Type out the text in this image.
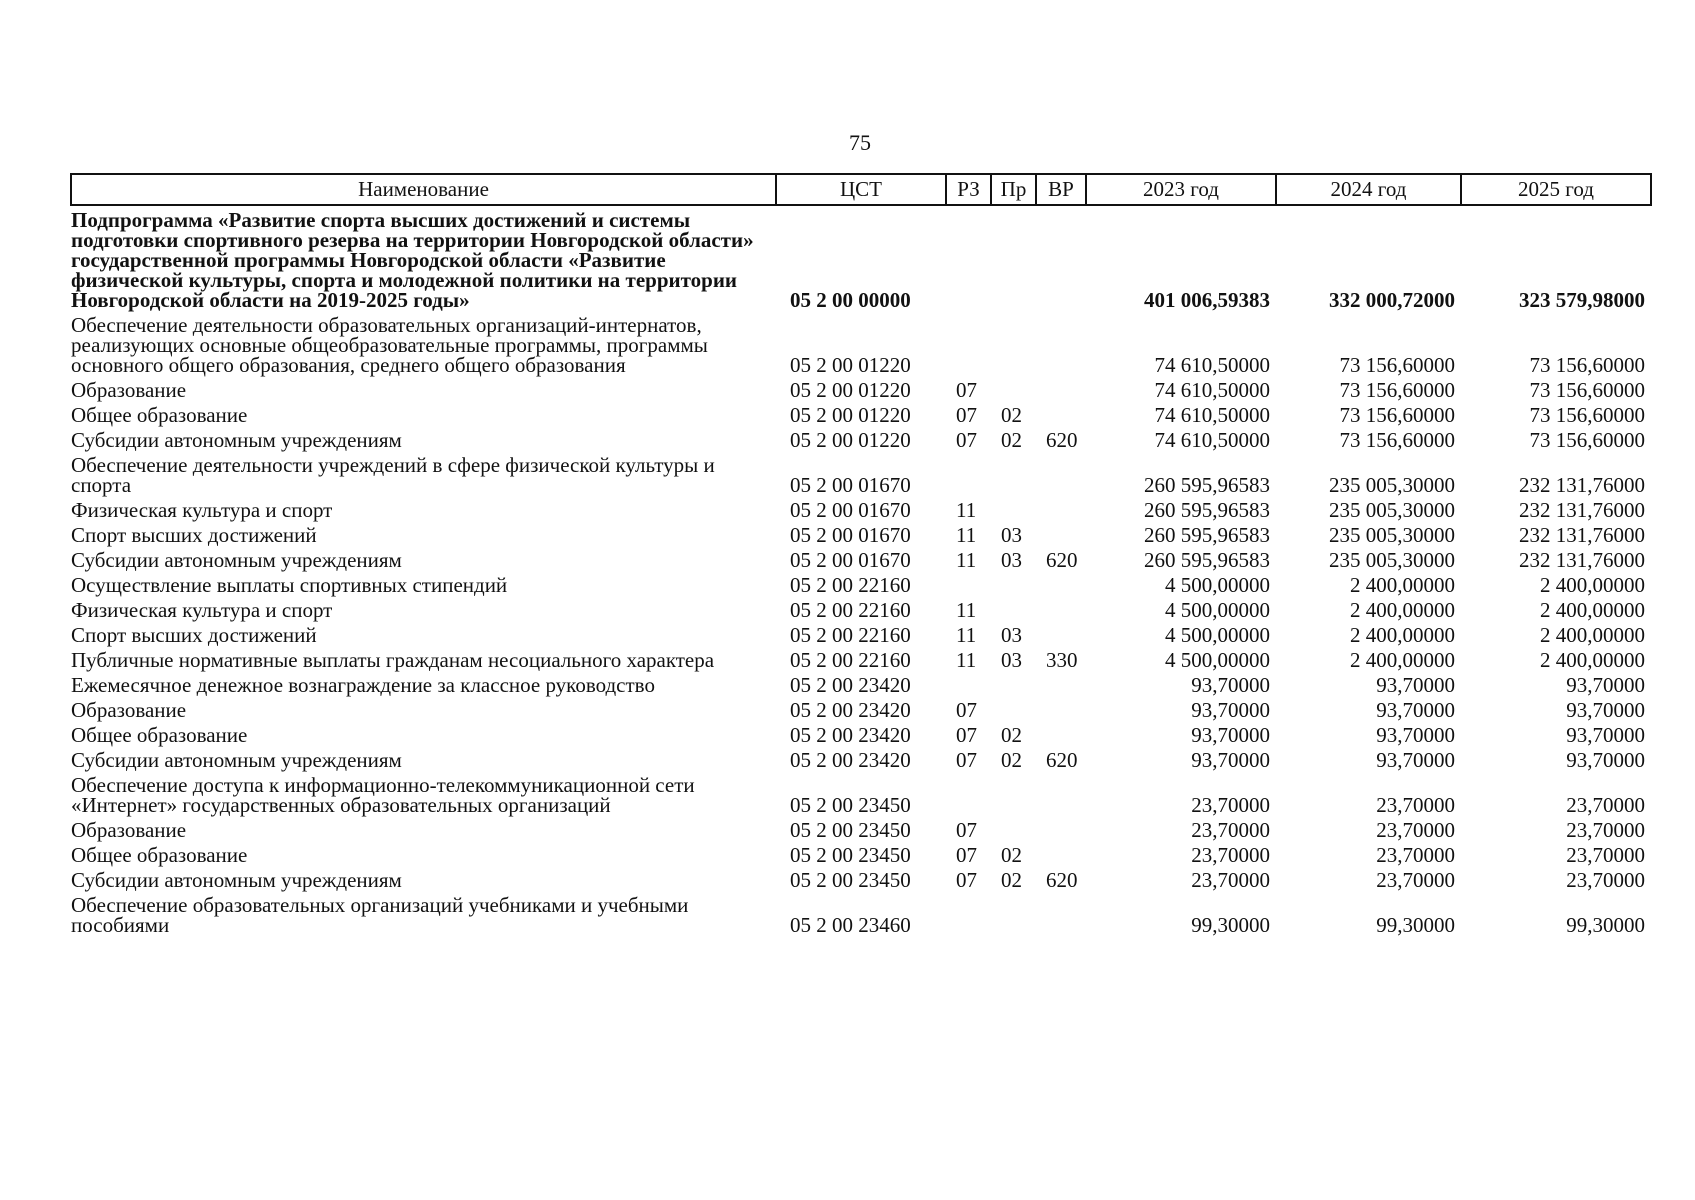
75
Наименование	ЦСТ	РЗ	Пр	ВР	2023 год	2024 год	2025 год
Подпрограмма «Развитие спорта высших достижений и системы подготовки спортивного резерва на территории Новгородской области» государственной программы Новгородской области «Развитие физической культуры, спорта и молодежной политики на территории Новгородской области на 2019-2025 годы»	05 2 00 00000				401 006,59383	332 000,72000	323 579,98000
Обеспечение деятельности образовательных организаций-интернатов, реализующих основные общеобразовательные программы, программы основного общего образования, среднего общего образования	05 2 00 01220				74 610,50000	73 156,60000	73 156,60000
Образование	05 2 00 01220	07			74 610,50000	73 156,60000	73 156,60000
Общее образование	05 2 00 01220	07	02		74 610,50000	73 156,60000	73 156,60000
Субсидии автономным учреждениям	05 2 00 01220	07	02	620	74 610,50000	73 156,60000	73 156,60000
Обеспечение деятельности учреждений в сфере физической культуры и спорта	05 2 00 01670				260 595,96583	235 005,30000	232 131,76000
Физическая культура и спорт	05 2 00 01670	11			260 595,96583	235 005,30000	232 131,76000
Спорт высших достижений	05 2 00 01670	11	03		260 595,96583	235 005,30000	232 131,76000
Субсидии автономным учреждениям	05 2 00 01670	11	03	620	260 595,96583	235 005,30000	232 131,76000
Осуществление выплаты спортивных стипендий	05 2 00 22160				4 500,00000	2 400,00000	2 400,00000
Физическая культура и спорт	05 2 00 22160	11			4 500,00000	2 400,00000	2 400,00000
Спорт высших достижений	05 2 00 22160	11	03		4 500,00000	2 400,00000	2 400,00000
Публичные нормативные выплаты гражданам несоциального характера	05 2 00 22160	11	03	330	4 500,00000	2 400,00000	2 400,00000
Ежемесячное денежное вознаграждение за классное руководство	05 2 00 23420				93,70000	93,70000	93,70000
Образование	05 2 00 23420	07			93,70000	93,70000	93,70000
Общее образование	05 2 00 23420	07	02		93,70000	93,70000	93,70000
Субсидии автономным учреждениям	05 2 00 23420	07	02	620	93,70000	93,70000	93,70000
Обеспечение доступа к информационно-телекоммуникационной сети «Интернет» государственных образовательных организаций	05 2 00 23450				23,70000	23,70000	23,70000
Образование	05 2 00 23450	07			23,70000	23,70000	23,70000
Общее образование	05 2 00 23450	07	02		23,70000	23,70000	23,70000
Субсидии автономным учреждениям	05 2 00 23450	07	02	620	23,70000	23,70000	23,70000
Обеспечение образовательных организаций учебниками и учебными пособиями	05 2 00 23460				99,30000	99,30000	99,30000
